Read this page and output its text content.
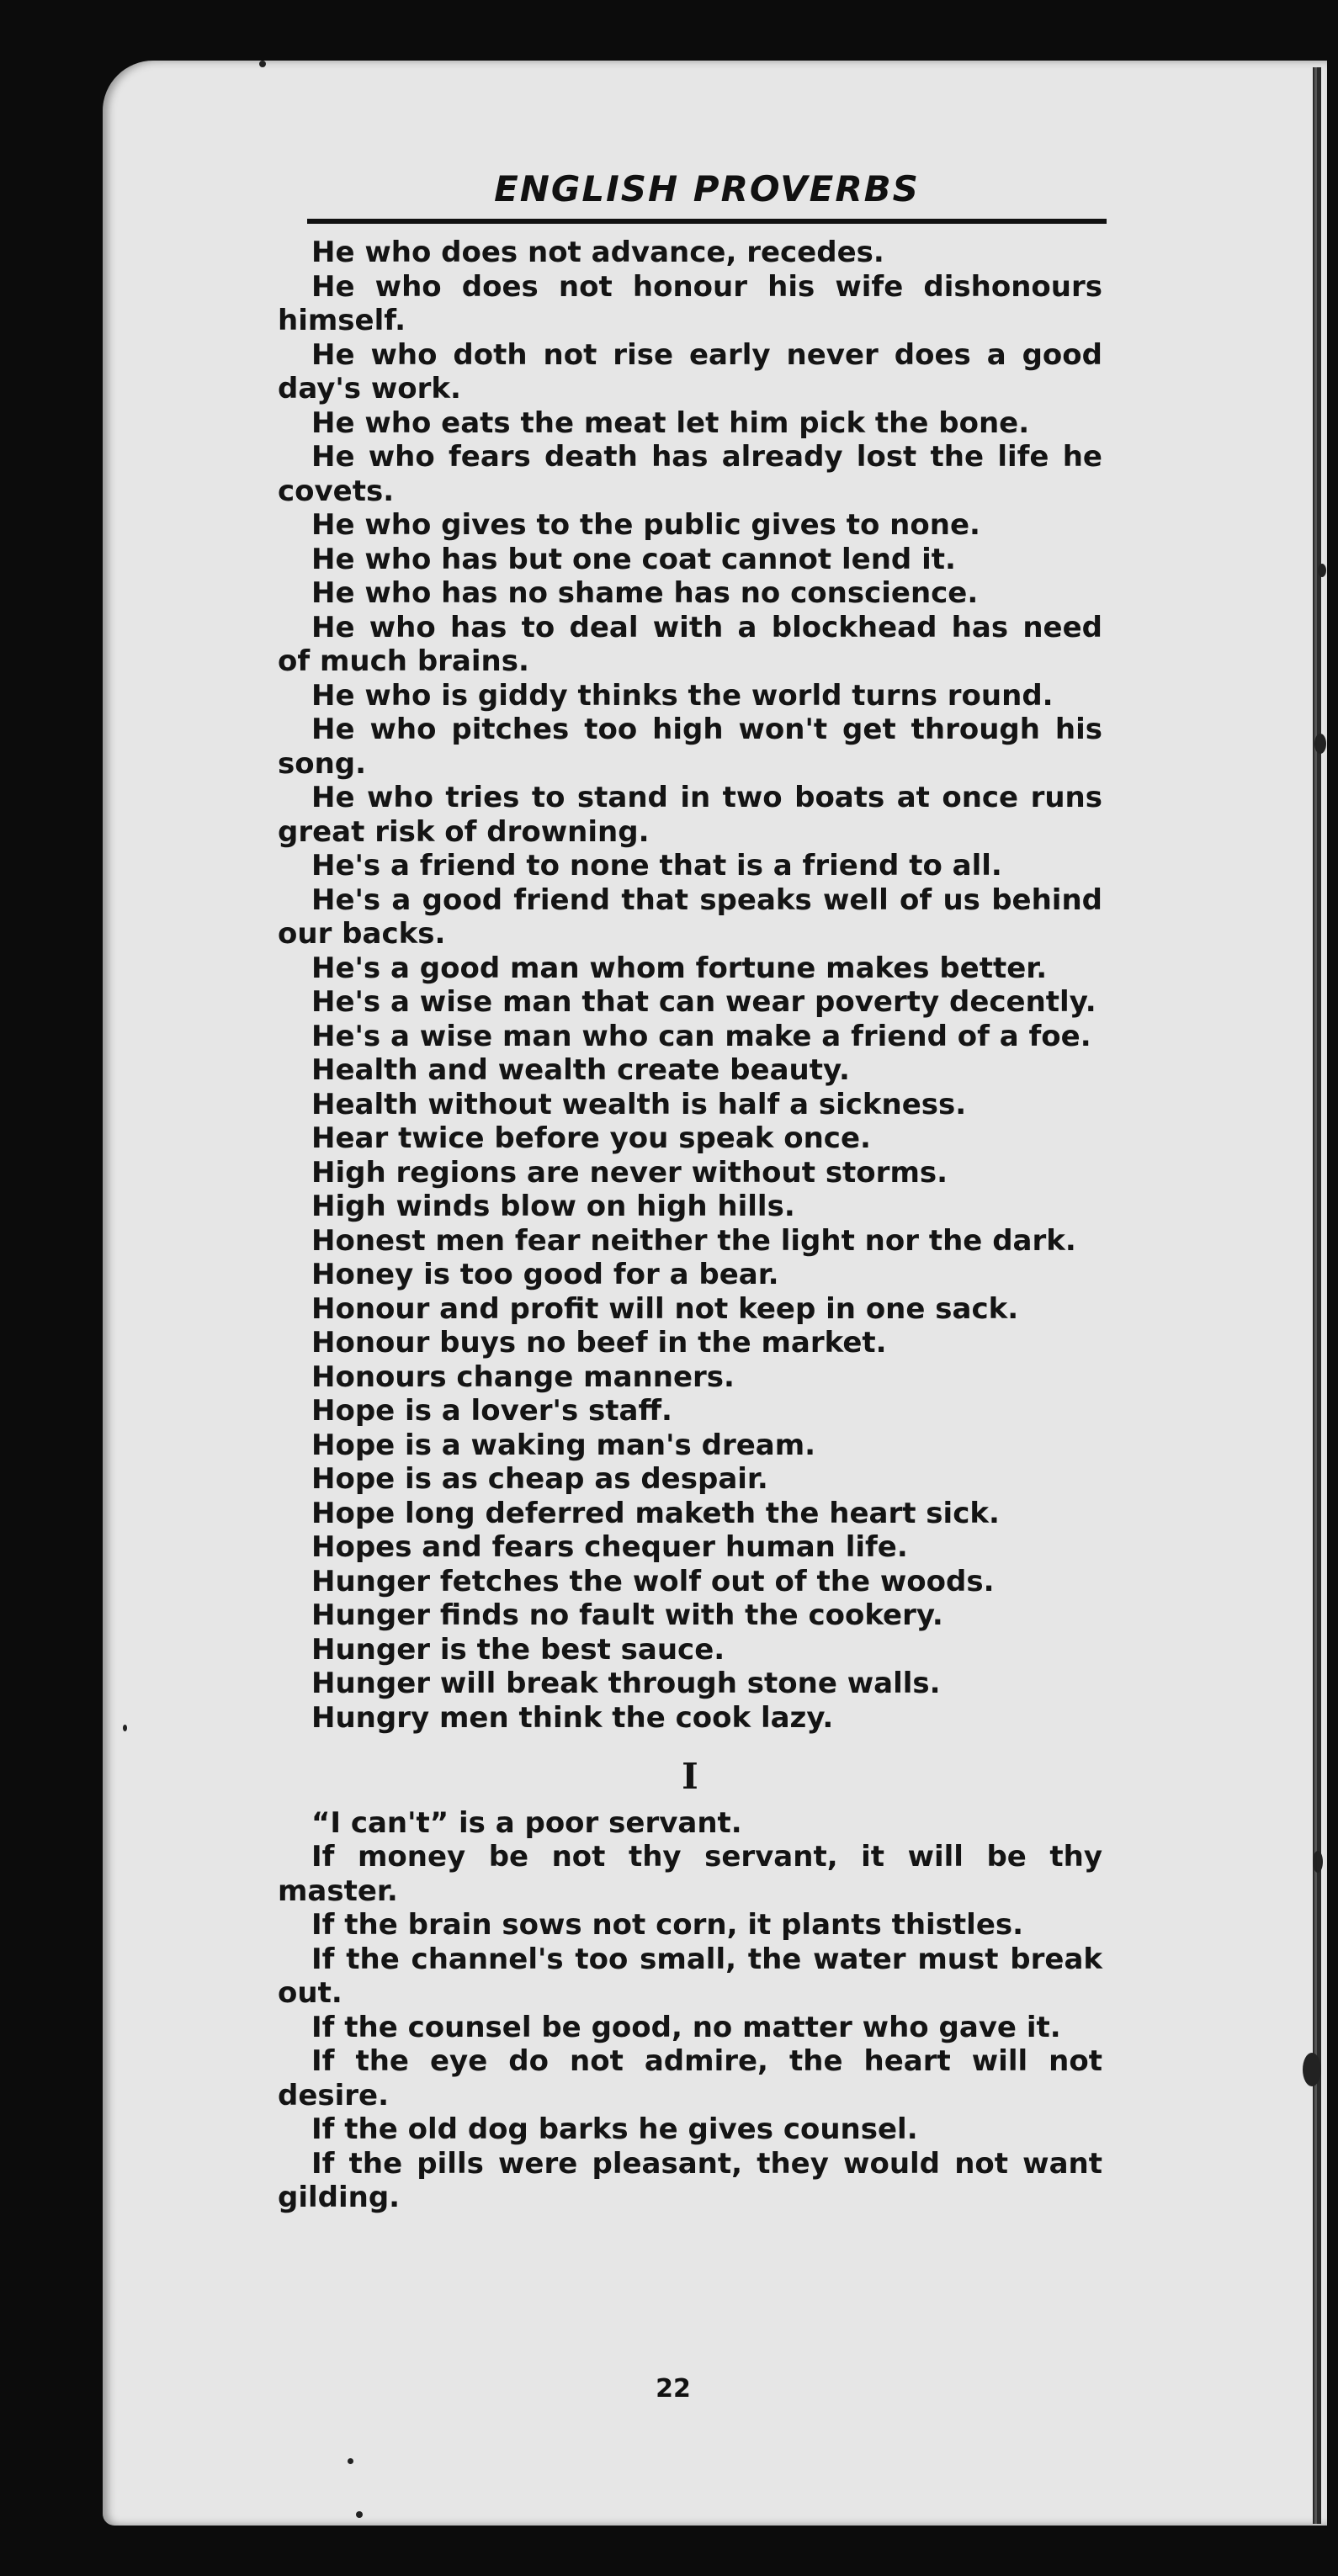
ENGLISH PROVERBS

He who does not advance, recedes.

He who does not honour his wife dishonours himself.

He who doth not rise early never does a good day's work.

He who eats the meat let him pick the bone.

He who fears death has already lost the life he covets.

He who gives to the public gives to none.

He who has but one coat cannot lend it.

He who has no shame has no conscience.

He who has to deal with a blockhead has need of much brains.

He who is giddy thinks the world turns round.

He who pitches too high won't get through his song.

He who tries to stand in two boats at once runs great risk of drowning.

He's a friend to none that is a friend to all.

He's a good friend that speaks well of us behind our backs.

He's a good man whom fortune makes better.

He's a wise man that can wear poverty decently.

He's a wise man who can make a friend of a foe.

Health and wealth create beauty.

Health without wealth is half a sickness.

Hear twice before you speak once.

High regions are never without storms.

High winds blow on high hills.

Honest men fear neither the light nor the dark.

Honey is too good for a bear.

Honour and profit will not keep in one sack.

Honour buys no beef in the market.

Honours change manners.

Hope is a lover's staff.

Hope is a waking man's dream.

Hope is as cheap as despair.

Hope long deferred maketh the heart sick.

Hopes and fears chequer human life.

Hunger fetches the wolf out of the woods.

Hunger finds no fault with the cookery.

Hunger is the best sauce.

Hunger will break through stone walls.

Hungry men think the cook lazy.

I

“I can't” is a poor servant.

If money be not thy servant, it will be thy master.

If the brain sows not corn, it plants thistles.

If the channel's too small, the water must break out.

If the counsel be good, no matter who gave it.

If the eye do not admire, the heart will not desire.

If the old dog barks he gives counsel.

If the pills were pleasant, they would not want gilding.

22
